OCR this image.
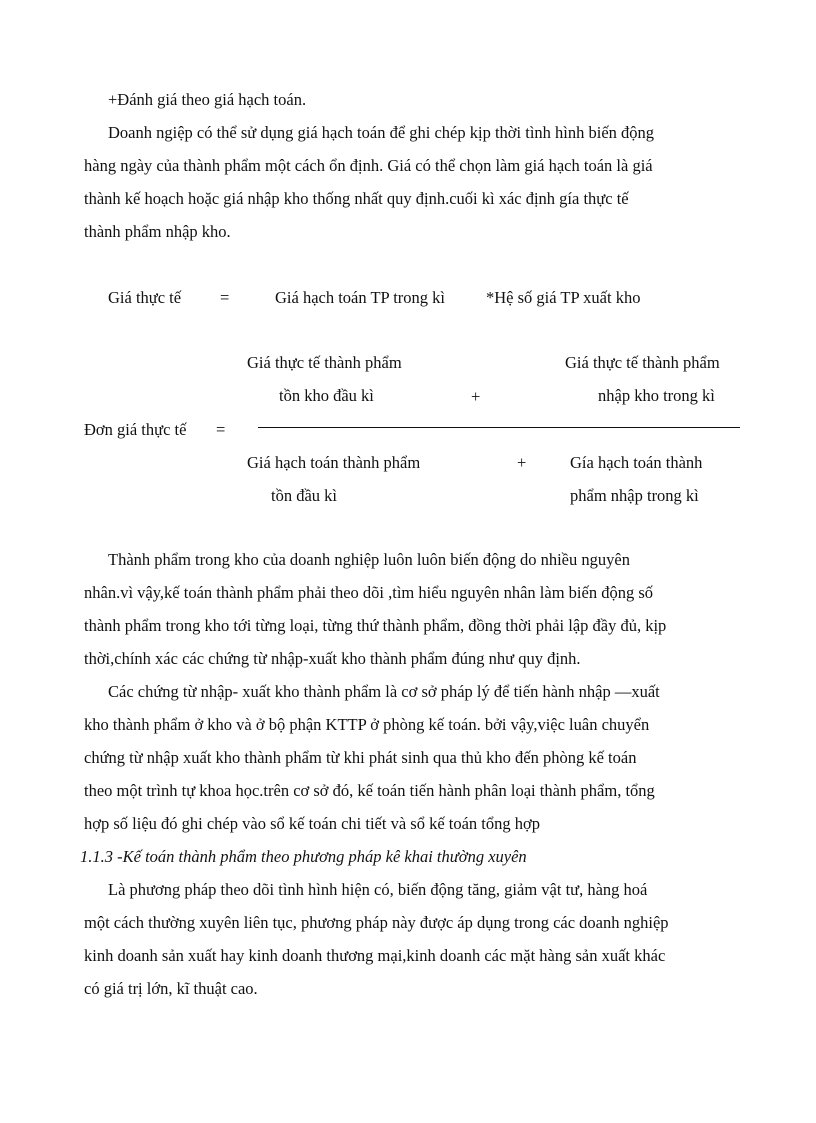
+Đánh giá theo giá hạch toán.
Doanh ngiệp có thể sử dụng giá hạch toán để ghi chép kịp thời tình hình biến động
hàng ngày của thành phẩm một cách ổn định. Giá có thể chọn làm giá hạch toán là giá
thành kế hoạch hoặc giá nhập kho thống nhất quy định.cuối kì xác định gía thực tế
thành phẩm nhập kho.
Giá thực tế =	Giá hạch toán TP trong kì *Hệ số giá TP xuất kho
Giá thực tế thành phẩm	Giá thực tế thành phẩm
tồn kho đầu kì	+	nhập kho trong kì
Đơn giá thực tế =
Giá hạch toán thành phẩm	+	Gía hạch toán thành
tồn đầu kì	phẩm nhập trong kì
Thành phẩm trong kho của doanh nghiệp luôn luôn biến động do nhiều nguyên
nhân.vì vậy,kế toán thành phẩm phải theo dõi ,tìm hiểu nguyên nhân làm biến động số
thành phẩm trong kho tới từng loại, từng thứ thành phẩm, đồng thời phải lập đầy đủ, kịp
thời,chính xác các chứng từ nhập-xuất kho thành phẩm đúng như quy định.
Các chứng từ nhập- xuất kho thành phẩm là cơ sở pháp lý để tiến hành nhập —xuất
kho thành phẩm ở kho và ở bộ phận KTTP ở phòng kế toán. bởi vậy,việc luân chuyển
chứng từ nhập xuất kho thành phẩm từ khi phát sinh qua thủ kho đến phòng kế toán
theo một trình tự khoa học.trên cơ sở đó, kế toán tiến hành phân loại thành phẩm, tổng
hợp số liệu đó ghi chép vào sổ kế toán chi tiết và sổ kế toán tổng hợp
1.1.3 -Kế toán thành phẩm theo phương pháp kê khai thường xuyên
Là phương pháp theo dõi tình hình hiện có, biến động tăng, giảm vật tư, hàng hoá
một cách thường xuyên liên tục, phương pháp này được áp dụng trong các doanh nghiệp
kinh doanh sản xuất hay kinh doanh thương mại,kinh doanh các mặt hàng sản xuất khác
có giá trị lớn, kĩ thuật cao.
